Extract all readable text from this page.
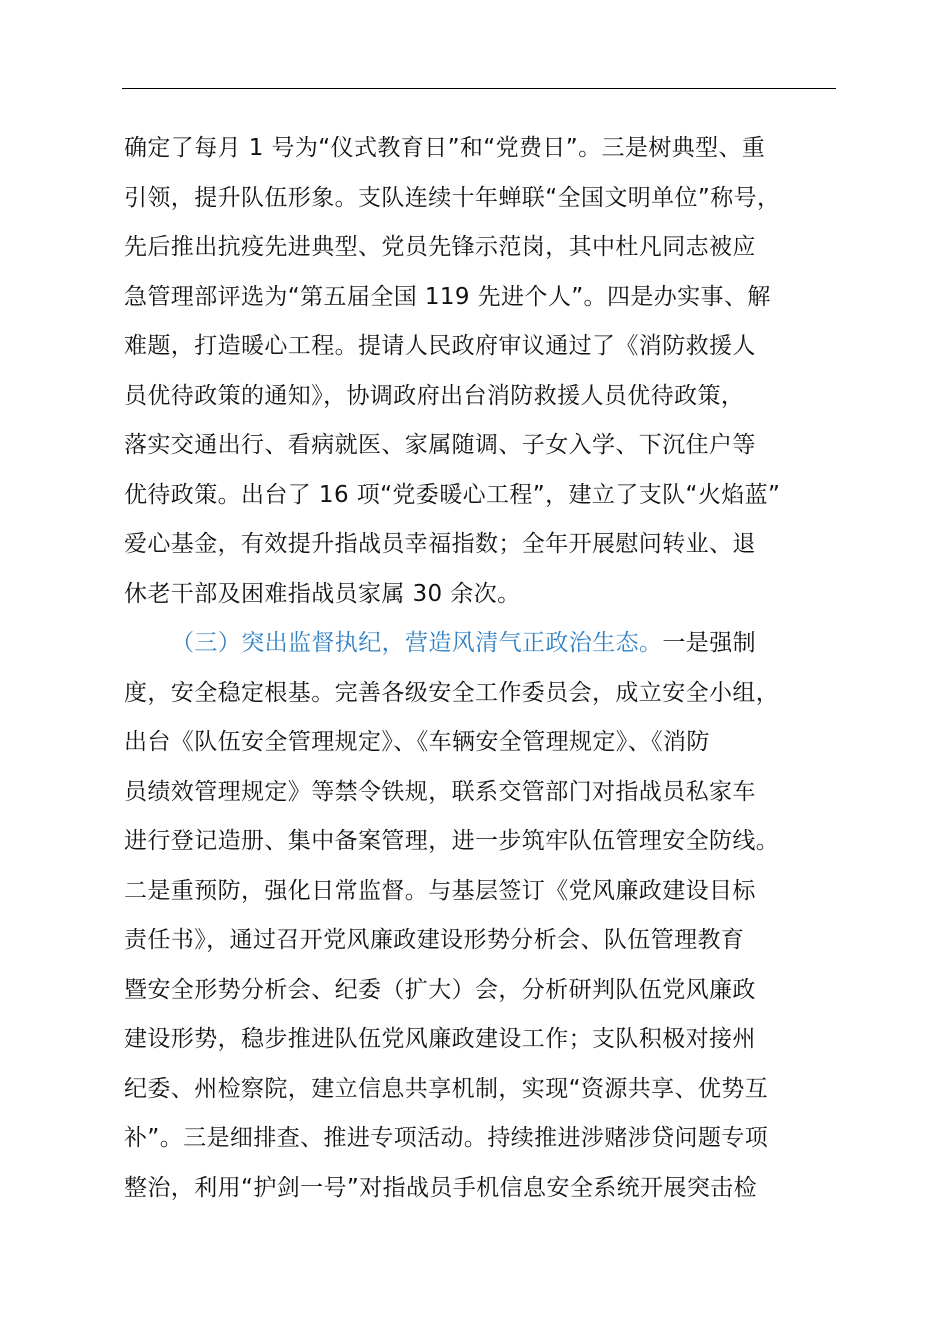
确定了每月 1 号为“仪式教育日”和“党费日”。三是树典型、重
引领，提升队伍形象。支队连续十年蝉联“全国文明单位”称号，
先后推出抗疫先进典型、党员先锋示范岗，其中杜凡同志被应
急管理部评选为“第五届全国 119 先进个人”。四是办实事、解
难题，打造暖心工程。提请人民政府审议通过了《消防救援人
员优待政策的通知》，协调政府出台消防救援人员优待政策，
落实交通出行、看病就医、家属随调、子女入学、下沉住户等
优待政策。出台了 16 项“党委暖心工程”，建立了支队“火焰蓝”
爱心基金，有效提升指战员幸福指数；全年开展慰问转业、退
休老干部及困难指战员家属 30 余次。
（三）突出监督执纪，营造风清气正政治生态。一是强制
度，安全稳定根基。完善各级安全工作委员会，成立安全小组，
出台《队伍安全管理规定》、《车辆安全管理规定》、《消防
员绩效管理规定》等禁令铁规，联系交管部门对指战员私家车
进行登记造册、集中备案管理，进一步筑牢队伍管理安全防线。
二是重预防，强化日常监督。与基层签订《党风廉政建设目标
责任书》，通过召开党风廉政建设形势分析会、队伍管理教育
暨安全形势分析会、纪委（扩大）会，分析研判队伍党风廉政
建设形势，稳步推进队伍党风廉政建设工作；支队积极对接州
纪委、州检察院，建立信息共享机制，实现“资源共享、优势互
补”。三是细排查、推进专项活动。持续推进涉赌涉贷问题专项
整治，利用“护剑一号”对指战员手机信息安全系统开展突击检
